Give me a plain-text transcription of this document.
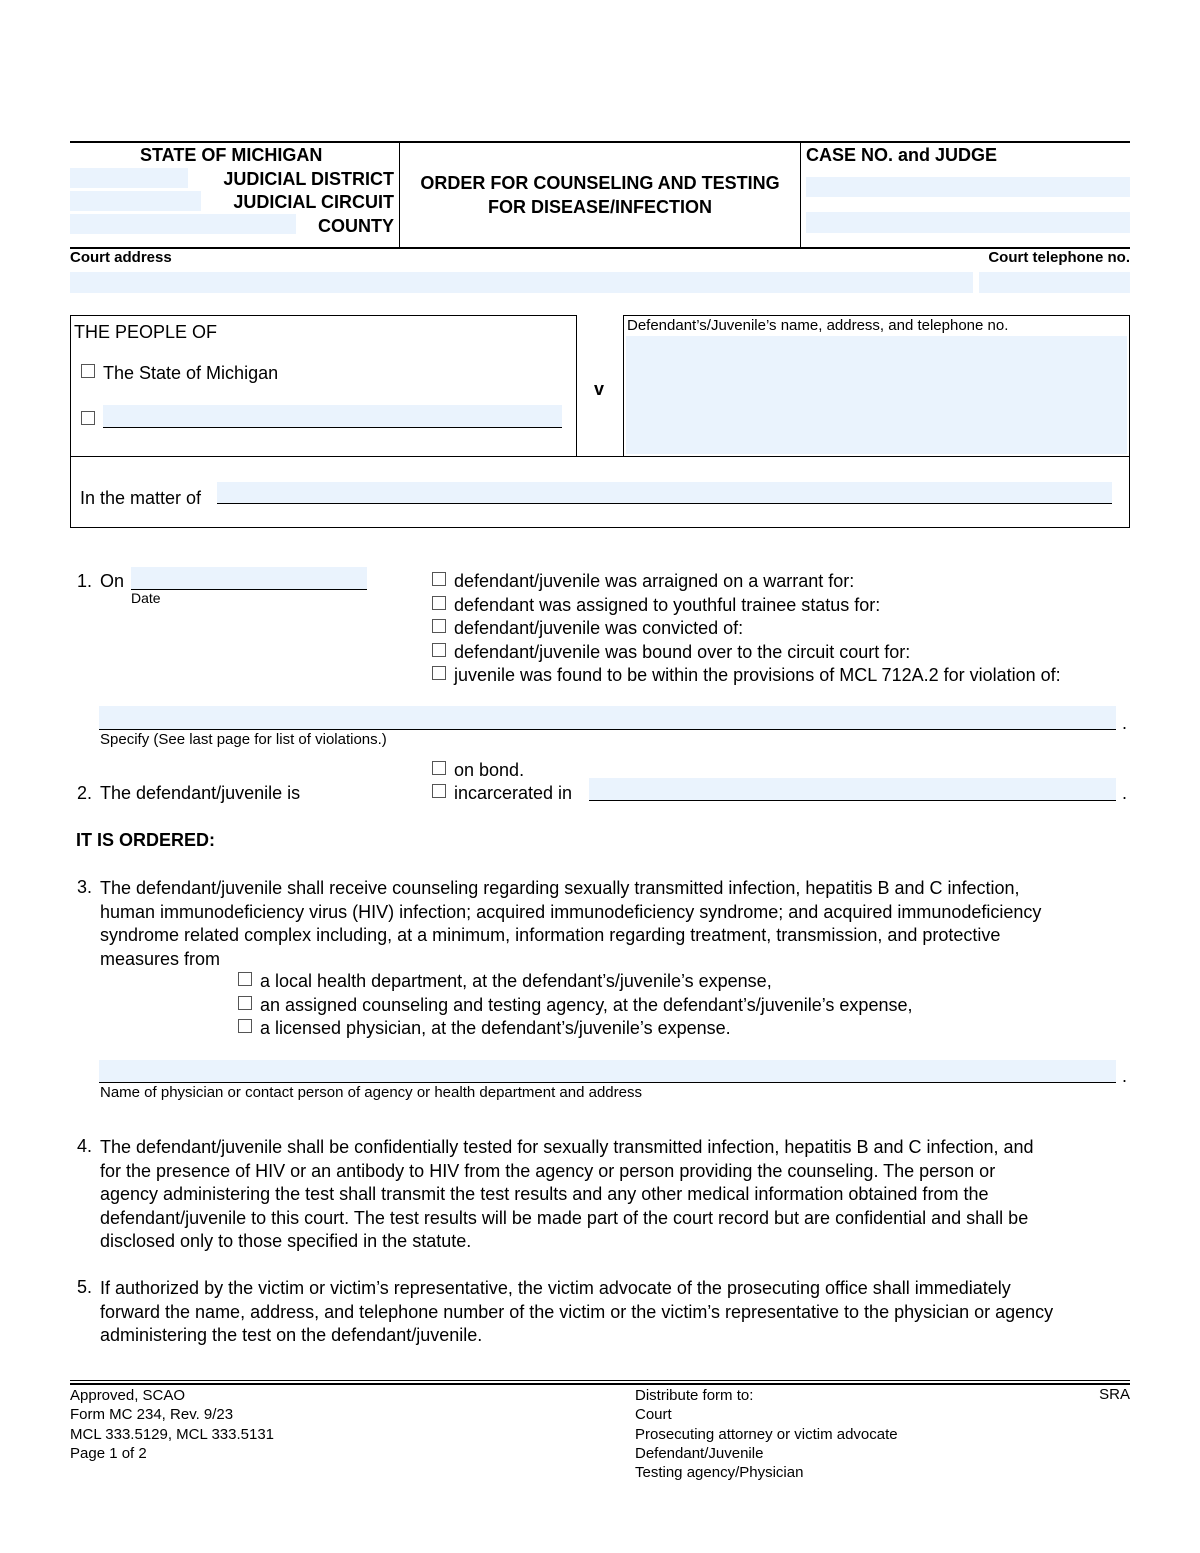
STATE OF MICHIGAN
JUDICIAL DISTRICT
JUDICIAL CIRCUIT
COUNTY
ORDER FOR COUNSELING AND TESTING
FOR DISEASE/INFECTION
CASE NO. and JUDGE
Court address	Court telephone no.
THE PEOPLE OF
The State of Michigan
v
Defendant’s/Juvenile’s name, address, and telephone no.
In the matter of
1. On
Date
defendant/juvenile was arraigned on a warrant for:
defendant was assigned to youthful trainee status for:
defendant/juvenile was convicted of:
defendant/juvenile was bound over to the circuit court for:
juvenile was found to be within the provisions of MCL 712A.2 for violation of:
.
Specify (See last page for list of violations.)
on bond.
2. The defendant/juvenile is	incarcerated in	.
IT IS ORDERED:
3. The defendant/juvenile shall receive counseling regarding sexually transmitted infection, hepatitis B and C infection,
human immunodeficiency virus (HIV) infection; acquired immunodeficiency syndrome; and acquired immunodeficiency
syndrome related complex including, at a minimum, information regarding treatment, transmission, and protective
measures from
a local health department, at the defendant’s/juvenile’s expense,
an assigned counseling and testing agency, at the defendant’s/juvenile’s expense,
a licensed physician, at the defendant’s/juvenile’s expense.
.
Name of physician or contact person of agency or health department and address
4. The defendant/juvenile shall be confidentially tested for sexually transmitted infection, hepatitis B and C infection, and
for the presence of HIV or an antibody to HIV from the agency or person providing the counseling. The person or
agency administering the test shall transmit the test results and any other medical information obtained from the
defendant/juvenile to this court. The test results will be made part of the court record but are confidential and shall be
disclosed only to those specified in the statute.
5. If authorized by the victim or victim’s representative, the victim advocate of the prosecuting office shall immediately
forward the name, address, and telephone number of the victim or the victim’s representative to the physician or agency
administering the test on the defendant/juvenile.
Approved, SCAO
Form MC 234, Rev. 9/23
MCL 333.5129, MCL 333.5131
Page 1 of 2
Distribute form to:
Court
Prosecuting attorney or victim advocate
Defendant/Juvenile
Testing agency/Physician
SRA
